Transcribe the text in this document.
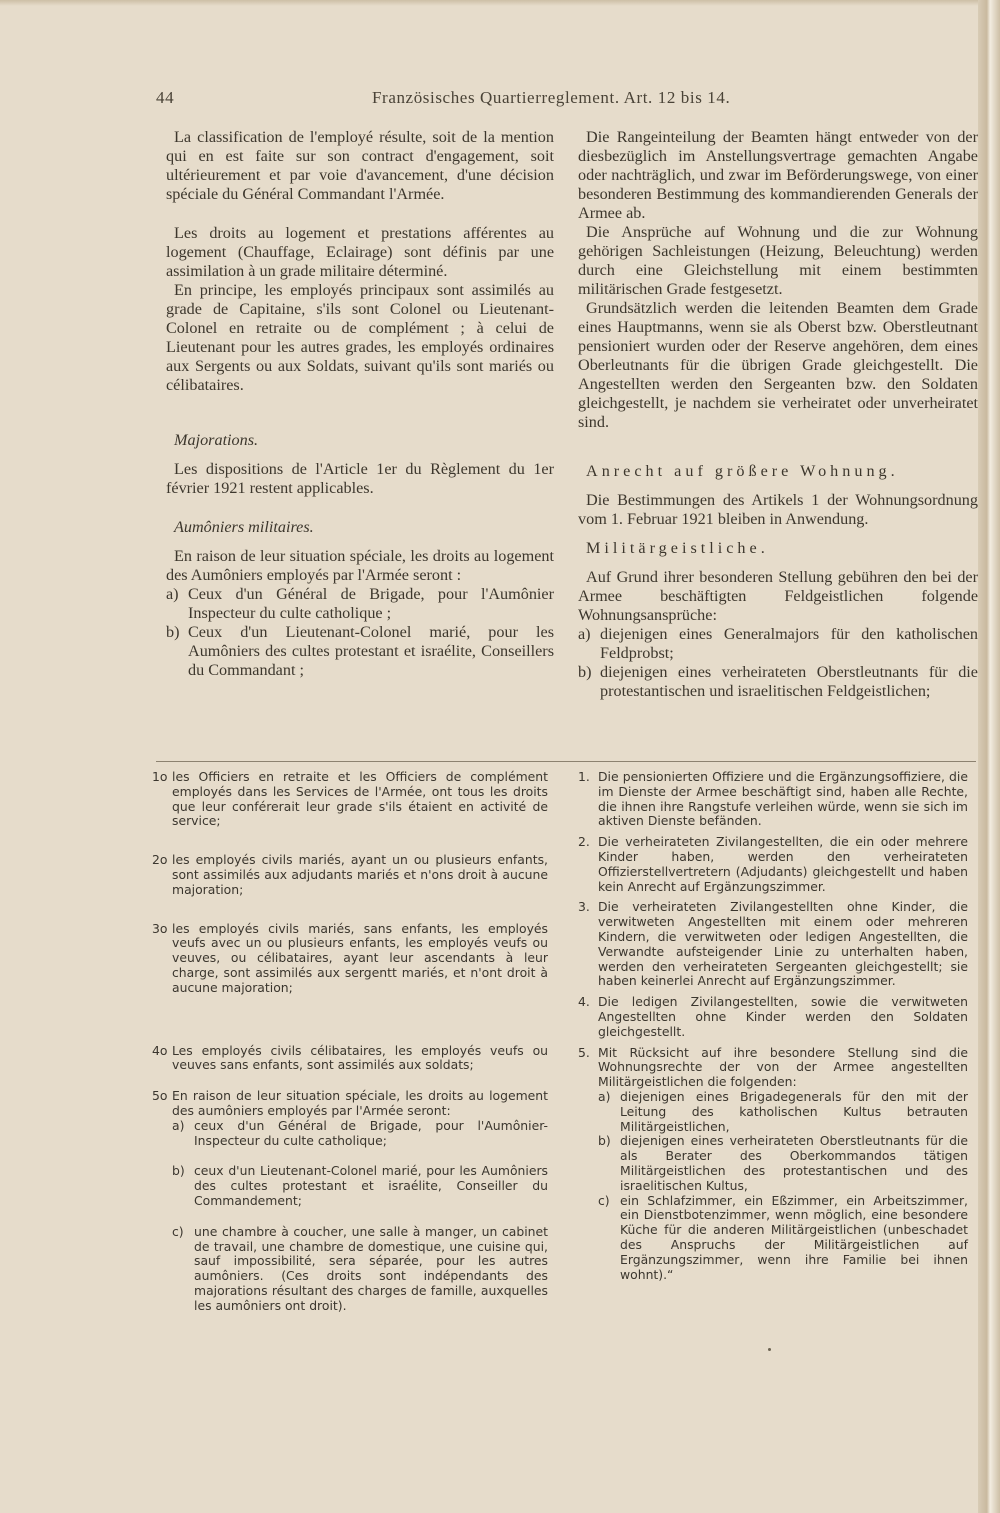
44	Französisches Quartierreglement. Art. 12 bis 14.

La classification de l'employé résulte, soit de la mention qui en est faite sur son contract d'engagement, soit ultérieurement et par voie d'avancement, d'une décision spéciale du Général Commandant l'Armée.

Les droits au logement et prestations afférentes au logement (Chauffage, Eclairage) sont définis par une assimilation à un grade militaire déterminé.

En principe, les employés principaux sont assimilés au grade de Capitaine, s'ils sont Colonel ou Lieutenant-Colonel en retraite ou de complément ; à celui de Lieutenant pour les autres grades, les employés ordinaires aux Sergents ou aux Soldats, suivant qu'ils sont mariés ou célibataires.

Majorations.

Les dispositions de l'Article 1er du Règlement du 1er février 1921 restent applicables.

Aumôniers militaires.

En raison de leur situation spéciale, les droits au logement des Aumôniers employés par l'Armée seront :

a) Ceux d'un Général de Brigade, pour l'Aumônier Inspecteur du culte catholique ;
b) Ceux d'un Lieutenant-Colonel marié, pour les Aumôniers des cultes protestant et israélite, Conseillers du Commandant ;

Die Rangeinteilung der Beamten hängt entweder von der diesbezüglich im Anstellungsvertrage gemachten Angabe oder nachträglich, und zwar im Beförderungswege, von einer besonderen Bestimmung des kommandierenden Generals der Armee ab.

Die Ansprüche auf Wohnung und die zur Wohnung gehörigen Sachleistungen (Heizung, Beleuchtung) werden durch eine Gleichstellung mit einem bestimmten militärischen Grade festgesetzt.

Grundsätzlich werden die leitenden Beamten dem Grade eines Hauptmanns, wenn sie als Oberst bzw. Oberstleutnant pensioniert wurden oder der Reserve angehören, dem eines Oberleutnants für die übrigen Grade gleichgestellt. Die Angestellten werden den Sergeanten bzw. den Soldaten gleichgestellt, je nachdem sie verheiratet oder unverheiratet sind.

Anrecht auf größere Wohnung.

Die Bestimmungen des Artikels 1 der Wohnungsordnung vom 1. Februar 1921 bleiben in Anwendung.

Militärgeistliche.

Auf Grund ihrer besonderen Stellung gebühren den bei der Armee beschäftigten Feldgeistlichen folgende Wohnungsansprüche:

a) diejenigen eines Generalmajors für den katholischen Feldprobst;
b) diejenigen eines verheirateten Oberstleutnants für die protestantischen und israelitischen Feldgeistlichen;
1o les Officiers en retraite et les Officiers de complément employés dans les Services de l'Armée, ont tous les droits que leur conférerait leur grade s'ils étaient en activité de service;
2o les employés civils mariés, ayant un ou plusieurs enfants, sont assimilés aux adjudants mariés et n'ons droit à aucune majoration;
3o les employés civils mariés, sans enfants, les employés veufs avec un ou plusieurs enfants, les employés veufs ou veuves, ou célibataires, ayant leur ascendants à leur charge, sont assimilés aux sergentt mariés, et n'ont droit à aucune majoration;
4o Les employés civils célibataires, les employés veufs ou veuves sans enfants, sont assimilés aux soldats;
5o En raison de leur situation spéciale, les droits au logement des aumôniers employés par l'Armée seront:
a) ceux d'un Général de Brigade, pour l'Aumônier-Inspecteur du culte catholique;
b) ceux d'un Lieutenant-Colonel marié, pour les Aumôniers des cultes protestant et israélite, Conseiller du Commandement;
c) une chambre à coucher, une salle à manger, un cabinet de travail, une chambre de domestique, une cuisine qui, sauf impossibilité, sera séparée, pour les autres aumôniers. (Ces droits sont indépendants des majorations résultant des charges de famille, auxquelles les aumôniers ont droit).
1. Die pensionierten Offiziere und die Ergänzungsoffiziere, die im Dienste der Armee beschäftigt sind, haben alle Rechte, die ihnen ihre Rangstufe verleihen würde, wenn sie sich im aktiven Dienste befänden.
2. Die verheirateten Zivilangestellten, die ein oder mehrere Kinder haben, werden den verheirateten Offizierstellvertretern (Adjudants) gleichgestellt und haben kein Anrecht auf Ergänzungszimmer.
3. Die verheirateten Zivilangestellten ohne Kinder, die verwitweten Angestellten mit einem oder mehreren Kindern, die verwitweten oder ledigen Angestellten, die Verwandte aufsteigender Linie zu unterhalten haben, werden den verheirateten Sergeanten gleichgestellt; sie haben keinerlei Anrecht auf Ergänzungszimmer.
4. Die ledigen Zivilangestellten, sowie die verwitweten Angestellten ohne Kinder werden den Soldaten gleichgestellt.
5. Mit Rücksicht auf ihre besondere Stellung sind die Wohnungsrechte der von der Armee angestellten Militärgeistlichen die folgenden:
a) diejenigen eines Brigadegenerals für den mit der Leitung des katholischen Kultus betrauten Militärgeistlichen,
b) diejenigen eines verheirateten Oberstleutnants für die als Berater des Oberkommandos tätigen Militärgeistlichen des protestantischen und des israelitischen Kultus,
c) ein Schlafzimmer, ein Eßzimmer, ein Arbeitszimmer, ein Dienstbotenzimmer, wenn möglich, eine besondere Küche für die anderen Militärgeistlichen (unbeschadet des Anspruchs der Militärgeistlichen auf Ergänzungszimmer, wenn ihre Familie bei ihnen wohnt).“
